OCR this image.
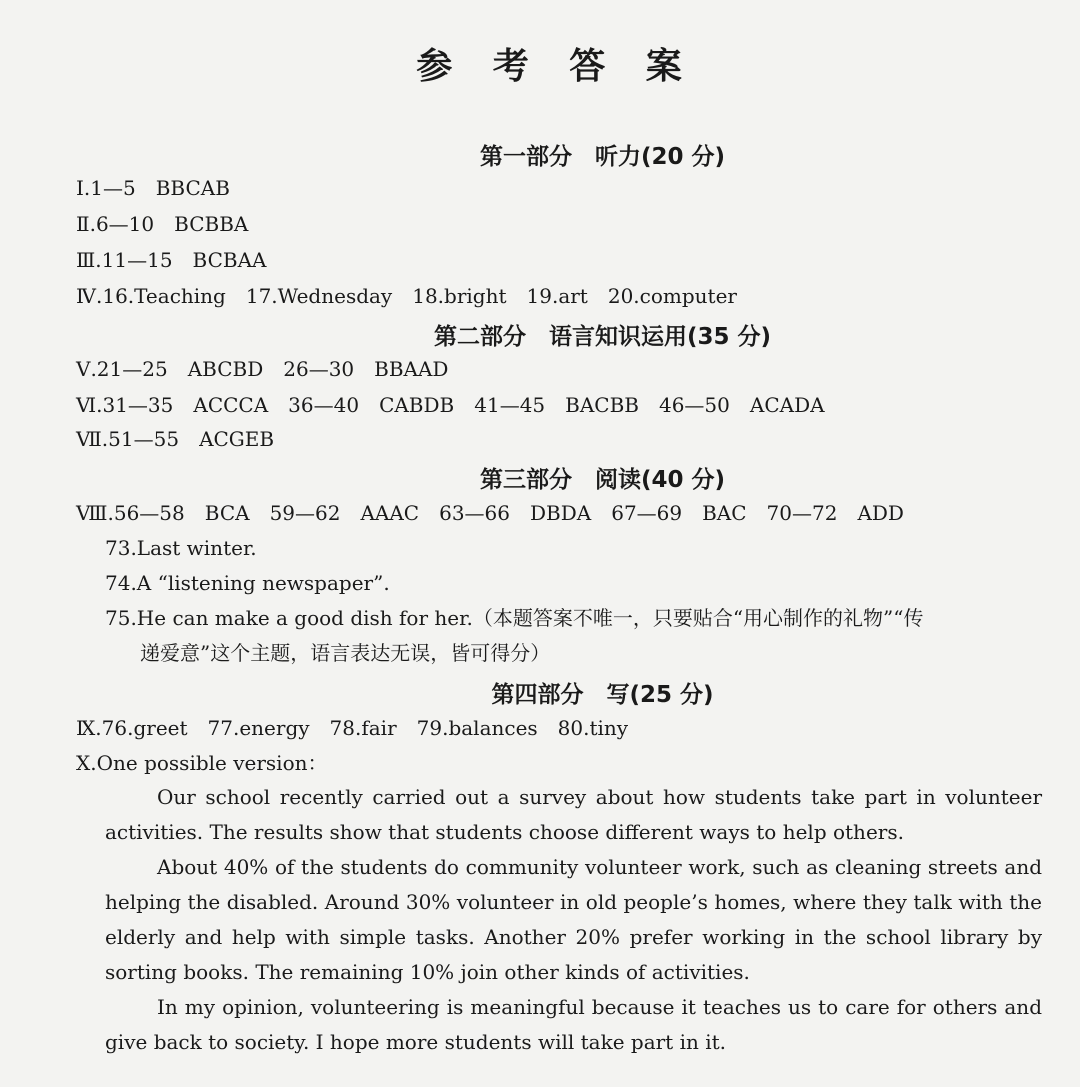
参 考 答 案
第一部分　听力(20 分)
Ⅰ.1—5　BBCAB
Ⅱ.6—10　BCBBA
Ⅲ.11—15　BCBAA
Ⅳ.16.Teaching　17.Wednesday　18.bright　19.art　20.computer
第二部分　语言知识运用(35 分)
Ⅴ.21—25　ABCBD　26—30　BBAAD
Ⅵ.31—35　ACCCA　36—40　CABDB　41—45　BACBB　46—50　ACADA
Ⅶ.51—55　ACGEB
第三部分　阅读(40 分)
Ⅷ.56—58　BCA　59—62　AAAC　63—66　DBDA　67—69　BAC　70—72　ADD
73.Last winter.
74.A “listening newspaper”.
75.He can make a good dish for her.（本题答案不唯一，只要贴合“用心制作的礼物”“传
递爱意”这个主题，语言表达无误，皆可得分）
第四部分　写(25 分)
Ⅸ.76.greet　77.energy　78.fair　79.balances　80.tiny
Ⅹ.One possible version：

Our school recently carried out a survey about how students take part in volunteer activities. The results show that students choose different ways to help others.

About 40% of the students do community volunteer work, such as cleaning streets and helping the disabled. Around 30% volunteer in old people’s homes, where they talk with the elderly and help with simple tasks. Another 20% prefer working in the school library by sorting books. The remaining 10% join other kinds of activities.

In my opinion, volunteering is meaningful because it teaches us to care for others and give back to society. I hope more students will take part in it.
